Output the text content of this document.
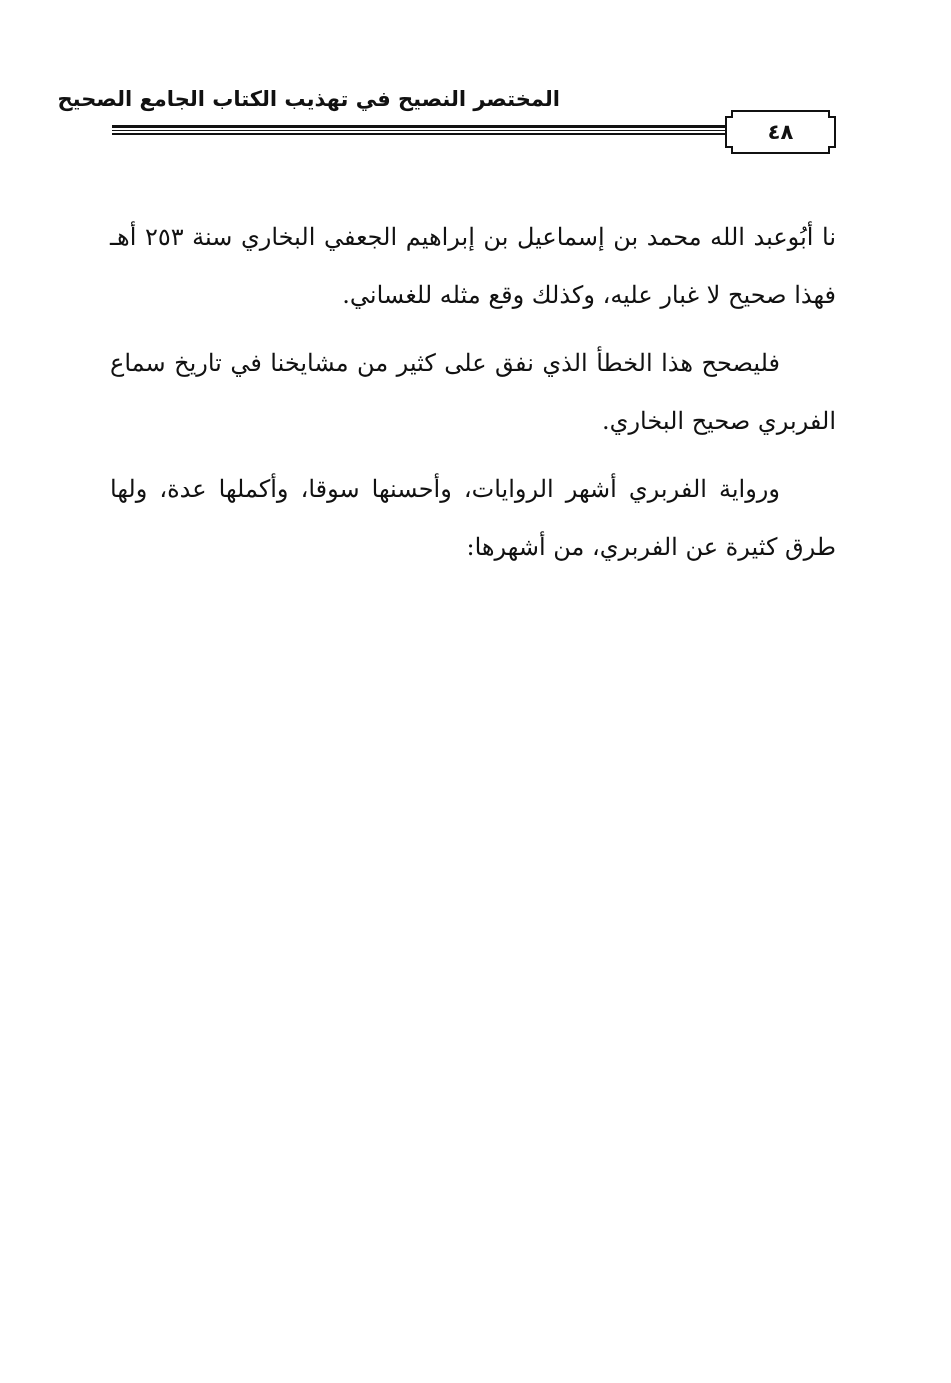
المختصر النصيح في تهذيب الكتاب الجامع الصحيح
٤٨

نا أبُوعبد الله محمد بن إسماعيل بن إبراهيم الجعفي البخاري سنة ٢٥٣ أهـ فهذا صحيح لا غبار عليه، وكذلك وقع مثله للغساني.

فليصحح هذا الخطأ الذي نفق على كثير من مشايخنا في تاريخ سماع الفربري صحيح البخاري.

ورواية الفربري أشهر الروايات، وأحسنها سوقا، وأكملها عدة، ولها طرق كثيرة عن الفربري، من أشهرها:
